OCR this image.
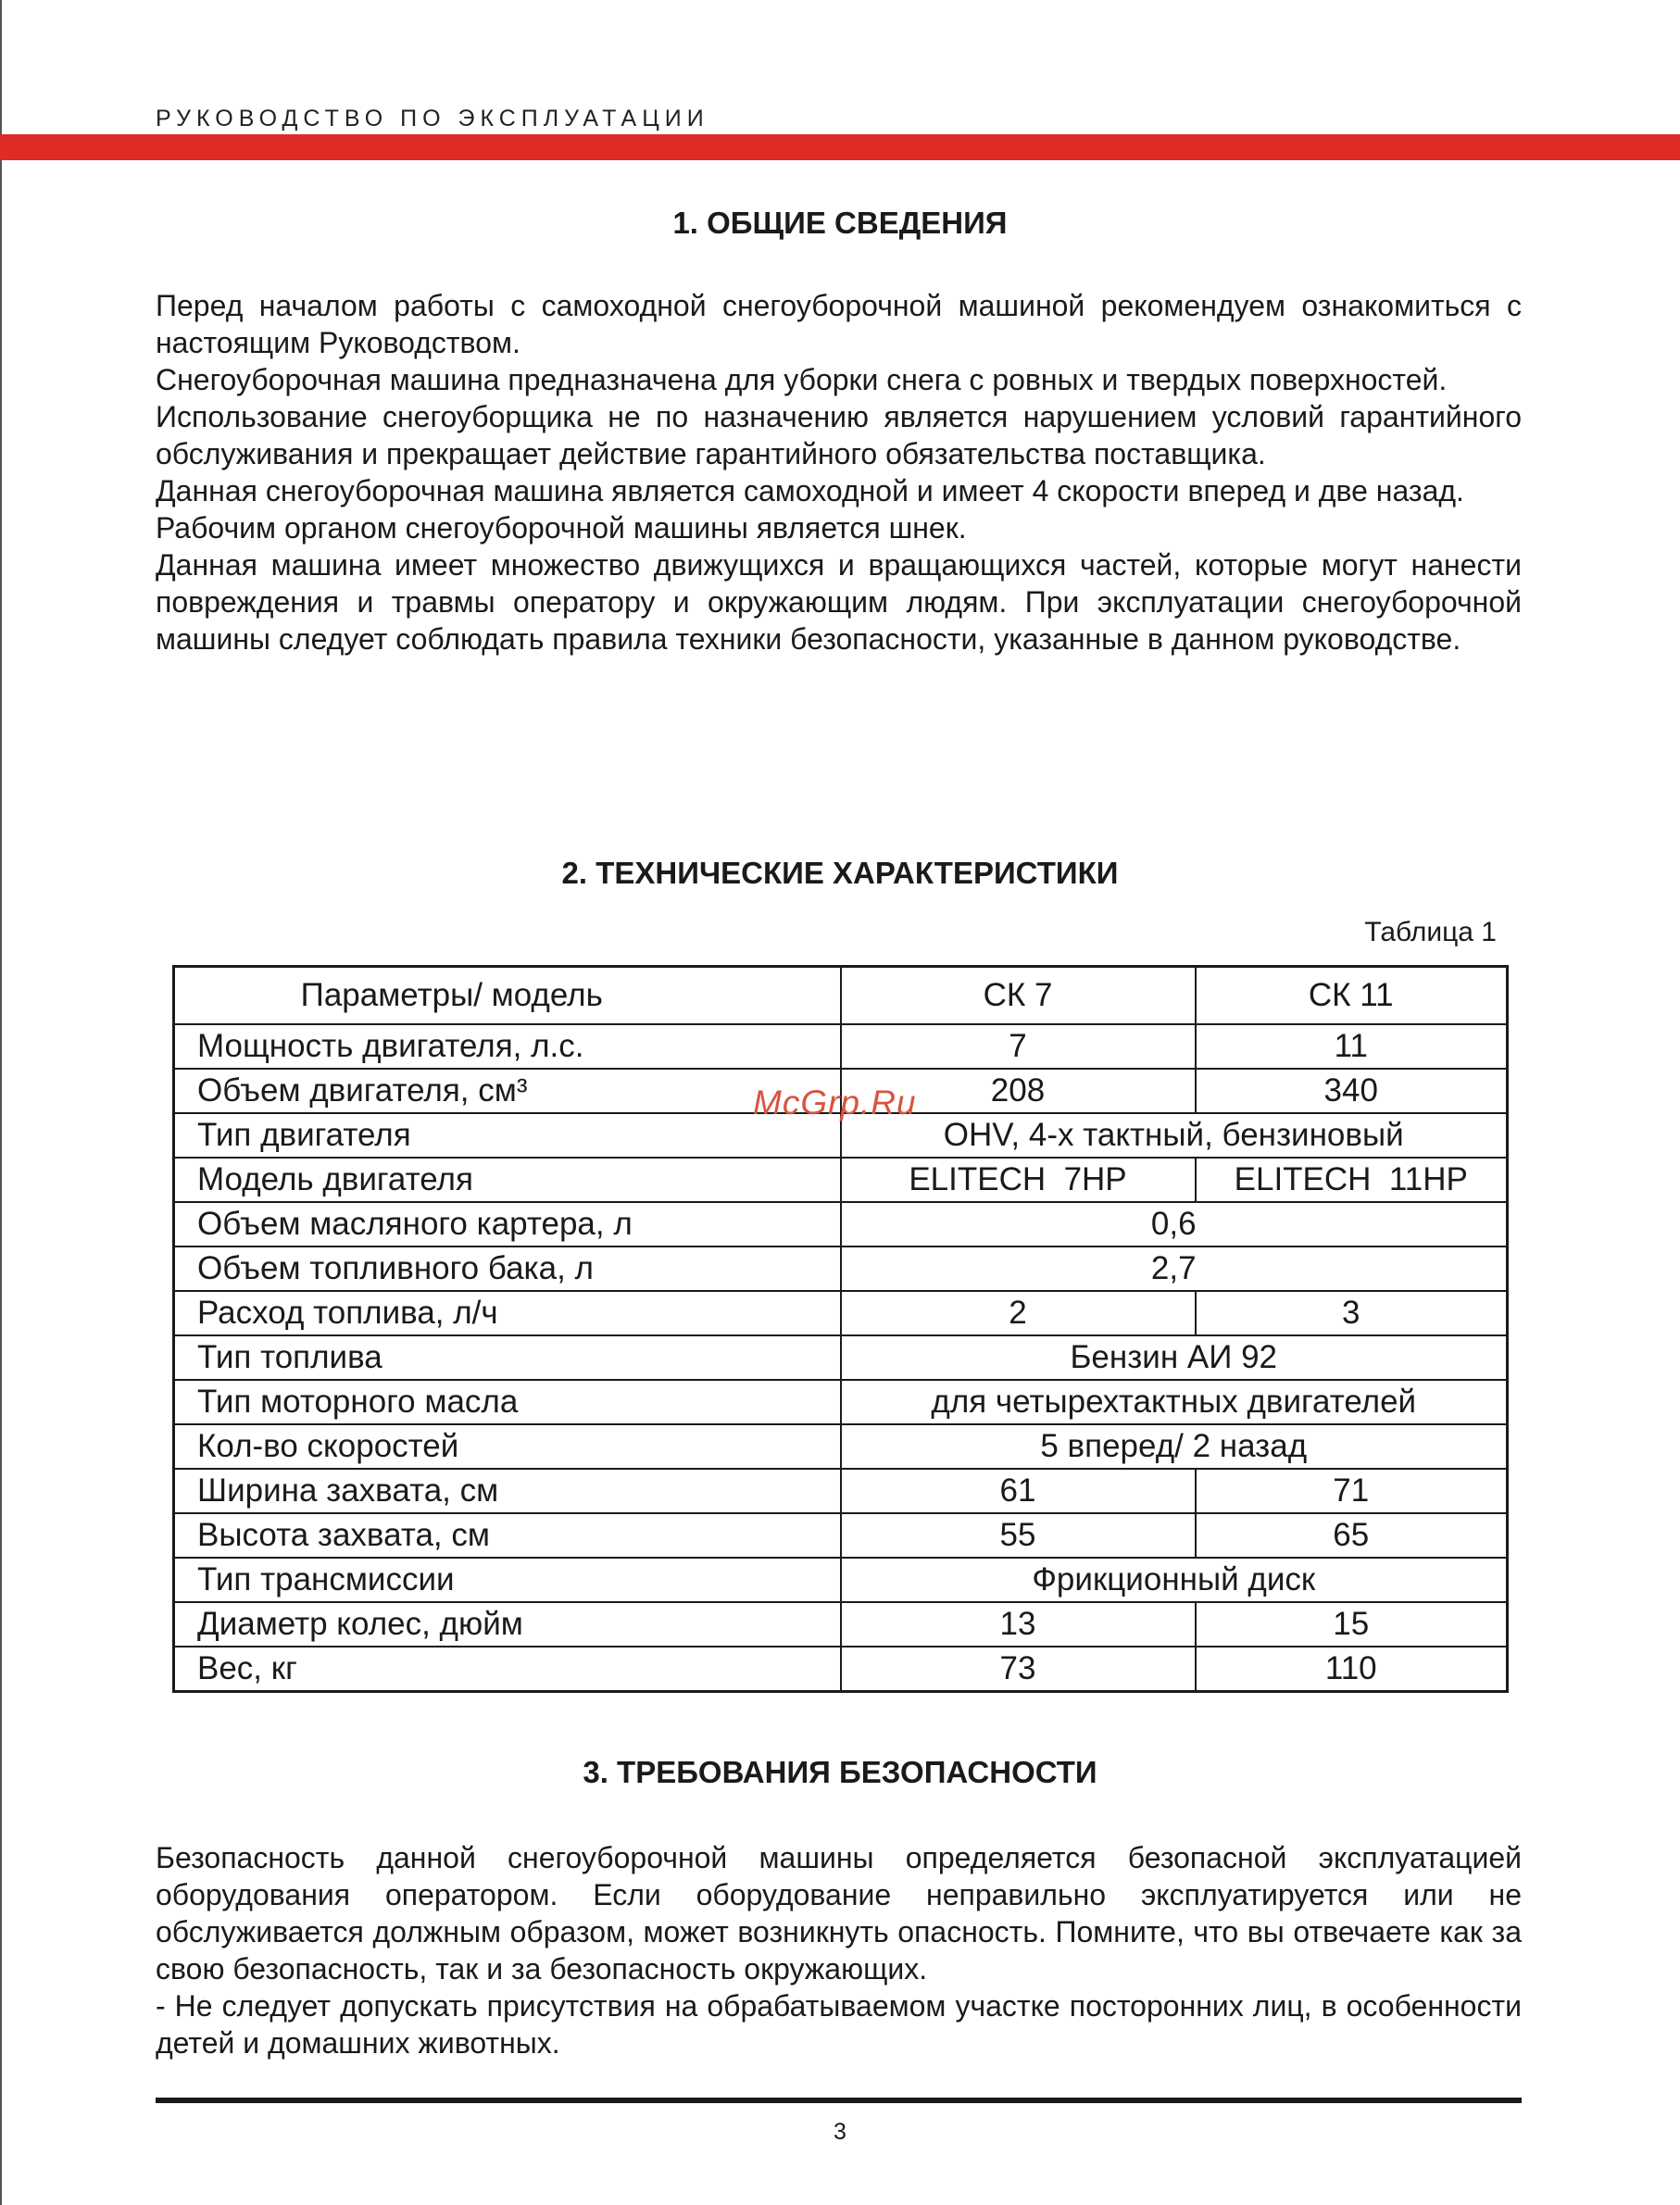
РУКОВОДСТВО ПО ЭКСПЛУАТАЦИИ
1. ОБЩИЕ СВЕДЕНИЯ

Перед началом работы с самоходной снегоуборочной машиной рекомендуем ознакомиться с настоящим Руководством.

Снегоуборочная машина предназначена для уборки снега с ровных и твердых поверхностей.

Использование снегоуборщика не по назначению является нарушением условий гарантийного обслуживания и прекращает действие гарантийного обязательства поставщика.

Данная снегоуборочная машина является самоходной и имеет 4 скорости вперед и две назад.

Рабочим органом снегоуборочной машины является шнек.

Данная машина имеет множество движущихся и вращающихся частей, которые могут нанести повреждения и травмы оператору и окружающим людям. При эксплуатации снегоуборочной машины следует соблюдать правила техники безопасности, указанные в данном руководстве.

2. ТЕХНИЧЕСКИЕ ХАРАКТЕРИСТИКИ
Таблица 1
Параметры/ модель	СК 7	СК 11
Мощность двигателя, л.с.	7	11
Объем двигателя, см³	208	340
Тип двигателя	OHV, 4-х тактный, бензиновый	
Модель двигателя	ELITECH  7HP	ELITECH  11HP
Объем масляного картера, л	0,6	
Объем топливного бака, л	2,7	
Расход топлива, л/ч	2	3
Тип топлива	Бензин АИ 92	
Тип моторного масла	для четырехтактных двигателей	
Кол-во скоростей	5 вперед/ 2 назад	
Ширина захвата, см	61	71
Высота захвата, см	55	65
Тип трансмиссии	Фрикционный диск	
Диаметр колес, дюйм	13	15
Вес, кг	73	110
McGrp.Ru
3. ТРЕБОВАНИЯ БЕЗОПАСНОСТИ

Безопасность данной снегоуборочной машины определяется безопасной эксплуатацией оборудования оператором. Если оборудование неправильно эксплуатируется или не обслуживается должным образом, может возникнуть опасность. Помните, что вы отвечаете как за свою безопасность, так и за безопасность окружающих.

- Не следует допускать присутствия на обрабатываемом участке посторонних лиц, в особенности детей и домашних животных.

3
